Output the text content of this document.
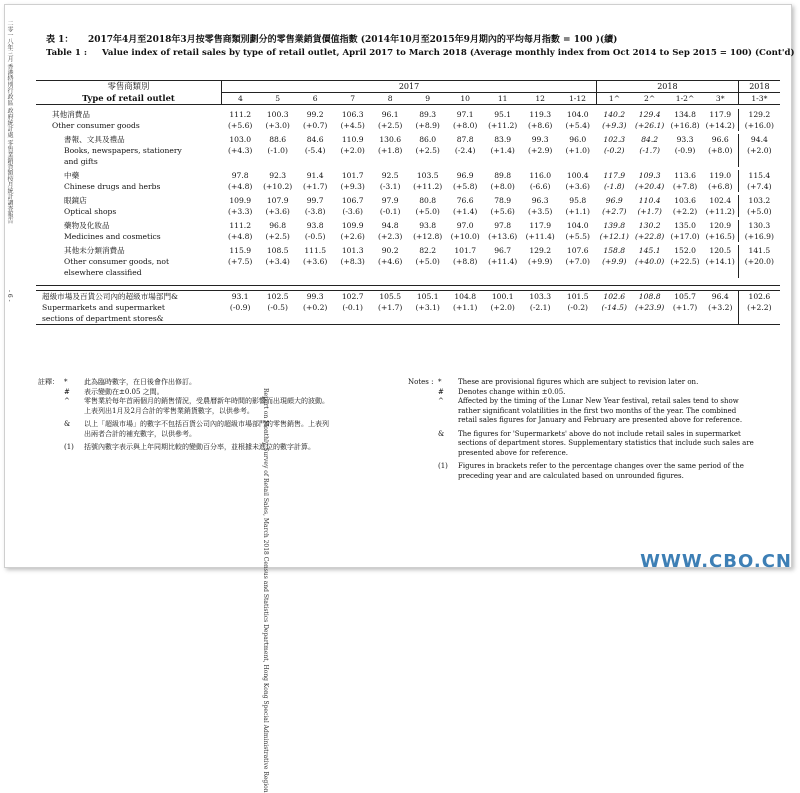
二零一八年三月 香港特別行政區 政府統計處 零售業銷貨額按月統計調查報告
- 6 -
Report on Monthly Survey of Retail Sales, March 2018 Census and Statistics Department, Hong Kong Special Administrative Region
表 1： 2017年4月至2018年3月按零售商類別劃分的零售業銷貨價值指數 (2014年10月至2015年9月期內的平均每月指數 = 100 )(續)
Table 1 : Value index of retail sales by type of retail outlet, April 2017 to March 2018 (Average monthly index from Oct 2014 to Sep 2015 = 100) (Cont'd)
零售商類別	2017										2018				2018
Type of retail outlet	4	5	6	7	8	9	10	11	12	1-12	1^	2^	1-2^	3*	1-3*

其他消費品	111.2	100.3	99.2	106.3	96.1	89.3	97.1	95.1	119.3	104.0	140.2	129.4	134.8	117.9	129.2
Other consumer goods	(+5.6)	(+3.0)	(+0.7)	(+4.5)	(+2.5)	(+8.9)	(+8.0)	(+11.2)	(+8.6)	(+5.4)	(+9.3)	(+26.1)	(+16.8)	(+14.2)	(+16.0)

書報、文具及禮品	103.0	88.6	84.6	110.9	130.6	86.0	87.8	83.9	99.3	96.0	102.3	84.2	93.3	96.6	94.4
Books, newspapers, stationery	(+4.3)	(-1.0)	(-5.4)	(+2.0)	(+1.8)	(+2.5)	(-2.4)	(+1.4)	(+2.9)	(+1.0)	(-0.2)	(-1.7)	(-0.9)	(+8.0)	(+2.0)
and gifts															

中藥	97.8	92.3	91.4	101.7	92.5	103.5	96.9	89.8	116.0	100.4	117.9	109.3	113.6	119.0	115.4
Chinese drugs and herbs	(+4.8)	(+10.2)	(+1.7)	(+9.3)	(-3.1)	(+11.2)	(+5.8)	(+8.0)	(-6.6)	(+3.6)	(-1.8)	(+20.4)	(+7.8)	(+6.8)	(+7.4)

眼鏡店	109.9	107.9	99.7	106.7	97.9	80.8	76.6	78.9	96.3	95.8	96.9	110.4	103.6	102.4	103.2
Optical shops	(+3.3)	(+3.6)	(-3.8)	(-3.6)	(-0.1)	(+5.0)	(+1.4)	(+5.6)	(+3.5)	(+1.1)	(+2.7)	(+1.7)	(+2.2)	(+11.2)	(+5.0)

藥物及化妝品	111.2	96.8	93.8	109.9	94.8	93.8	97.0	97.8	117.9	104.0	139.8	130.2	135.0	120.9	130.3
Medicines and cosmetics	(+4.8)	(+2.5)	(-0.5)	(+2.6)	(+2.3)	(+12.8)	(+10.0)	(+13.6)	(+11.4)	(+5.5)	(+12.1)	(+22.8)	(+17.0)	(+16.5)	(+16.9)

其他未分類消費品	115.9	108.5	111.5	101.3	90.2	82.2	101.7	96.7	129.2	107.6	158.8	145.1	152.0	120.5	141.5
Other consumer goods, not	(+7.5)	(+3.4)	(+3.6)	(+8.3)	(+4.6)	(+5.0)	(+8.8)	(+11.4)	(+9.9)	(+7.0)	(+9.9)	(+40.0)	(+22.5)	(+14.1)	(+20.0)
elsewhere classified															

超級市場及百貨公司內的超級市場部門&	93.1	102.5	99.3	102.7	105.5	105.1	104.8	100.1	103.3	101.5	102.6	108.8	105.7	96.4	102.6
Supermarkets and supermarket	(-0.9)	(-0.5)	(+0.2)	(-0.1)	(+1.7)	(+3.1)	(+1.1)	(+2.0)	(-2.1)	(-0.2)	(-14.5)	(+23.9)	(+1.7)	(+3.2)	(+2.2)
sections of department stores&															
註釋： *	此為臨時數字，在日後會作出修訂。
#	表示變動在±0.05 之間。
^	零售業於每年首兩個月的銷售情況，受農曆新年時間的影響而出現頗大的波動。
上表列出1月及2月合計的零售業銷貨數字，以供參考。
&	以上「超級市場」的數字不包括百貨公司內的超級市場部門的零售銷售。上表列
出兩者合計的補充數字，以供參考。
(1)	括號內數字表示與上年同期比較的變動百分率，並根據未進位的數字計算。
Notes : *	These are provisional figures which are subject to revision later on.
#	Denotes change within ±0.05.
^	Affected by the timing of the Lunar New Year festival, retail sales tend to show
rather significant volatilities in the first two months of the year. The combined
retail sales figures for January and February are presented above for reference.
&	The figures for 'Supermarkets' above do not include retail sales in supermarket
sections of department stores. Supplementary statistics that include such sales are
presented above for reference.
(1)	Figures in brackets refer to the percentage changes over the same period of the
preceding year and are calculated based on unrounded figures.
WWW.CBO.CN
